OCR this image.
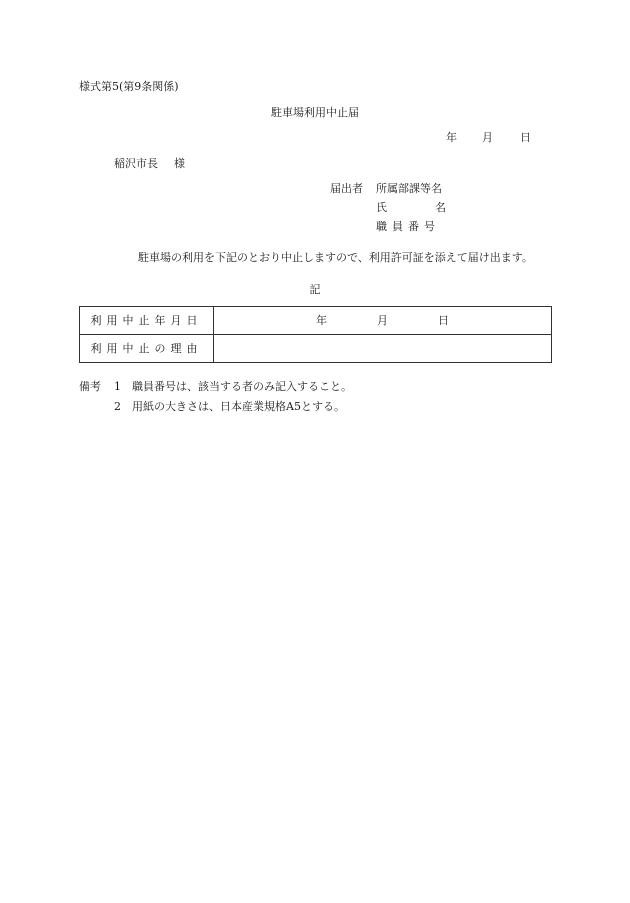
様式第5(第9条関係)
駐車場利用中止届
年 月 日
稲沢市長 様
届出者 所属部課等名
氏	名
職員番号
駐車場の利用を下記のとおり中止しますので、利用許可証を添えて届け出ます。
記
利用中止年月日	年 月 日

利用中止の理由	
備考 1 職員番号は、該当する者のみ記入すること。
2 用紙の大きさは、日本産業規格A5とする。
